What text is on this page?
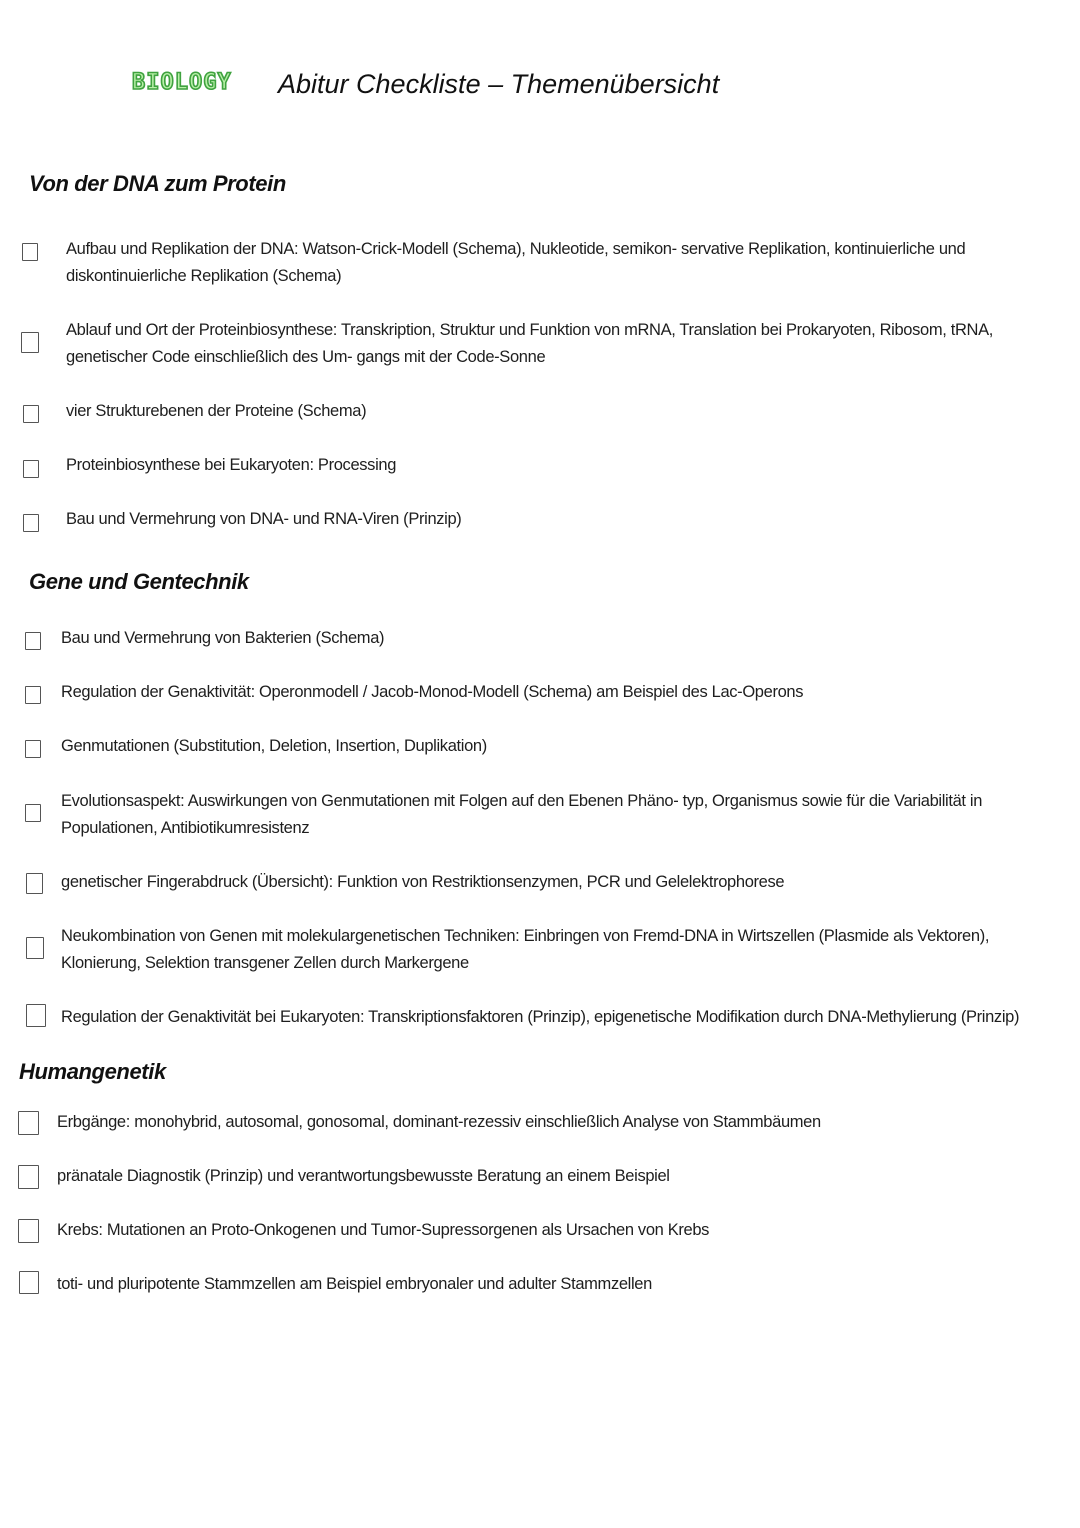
BIOLOGY Abitur Checkliste – Themenübersicht
Von der DNA zum Protein
Aufbau und Replikation der DNA: Watson-Crick-Modell (Schema), Nukleotide, semikon- servative Replikation, kontinuierliche und diskontinuierliche Replikation (Schema)
Ablauf und Ort der Proteinbiosynthese: Transkription, Struktur und Funktion von mRNA, Translation bei Prokaryoten, Ribosom, tRNA, genetischer Code einschließlich des Um- gangs mit der Code-Sonne
vier Strukturebenen der Proteine (Schema)
Proteinbiosynthese bei Eukaryoten: Processing
Bau und Vermehrung von DNA- und RNA-Viren (Prinzip)
Gene und Gentechnik
Bau und Vermehrung von Bakterien (Schema)
Regulation der Genaktivität: Operonmodell / Jacob-Monod-Modell (Schema) am Beispiel des Lac-Operons
Genmutationen (Substitution, Deletion, Insertion, Duplikation)
Evolutionsaspekt: Auswirkungen von Genmutationen mit Folgen auf den Ebenen Phäno- typ, Organismus sowie für die Variabilität in Populationen, Antibiotikumresistenz
genetischer Fingerabdruck (Übersicht): Funktion von Restriktionsenzymen, PCR und Gelelektrophorese
Neukombination von Genen mit molekulargenetischen Techniken: Einbringen von Fremd-DNA in Wirtszellen (Plasmide als Vektoren), Klonierung, Selektion transgener Zellen durch Markergene
Regulation der Genaktivität bei Eukaryoten: Transkriptionsfaktoren (Prinzip), epigenetische Modifikation durch DNA-Methylierung (Prinzip)
Humangenetik
Erbgänge: monohybrid, autosomal, gonosomal, dominant-rezessiv einschließlich Analyse von Stammbäumen
pränatale Diagnostik (Prinzip) und verantwortungsbewusste Beratung an einem Beispiel
Krebs: Mutationen an Proto-Onkogenen und Tumor-Supressorgenen als Ursachen von Krebs
toti- und pluripotente Stammzellen am Beispiel embryonaler und adulter Stammzellen
